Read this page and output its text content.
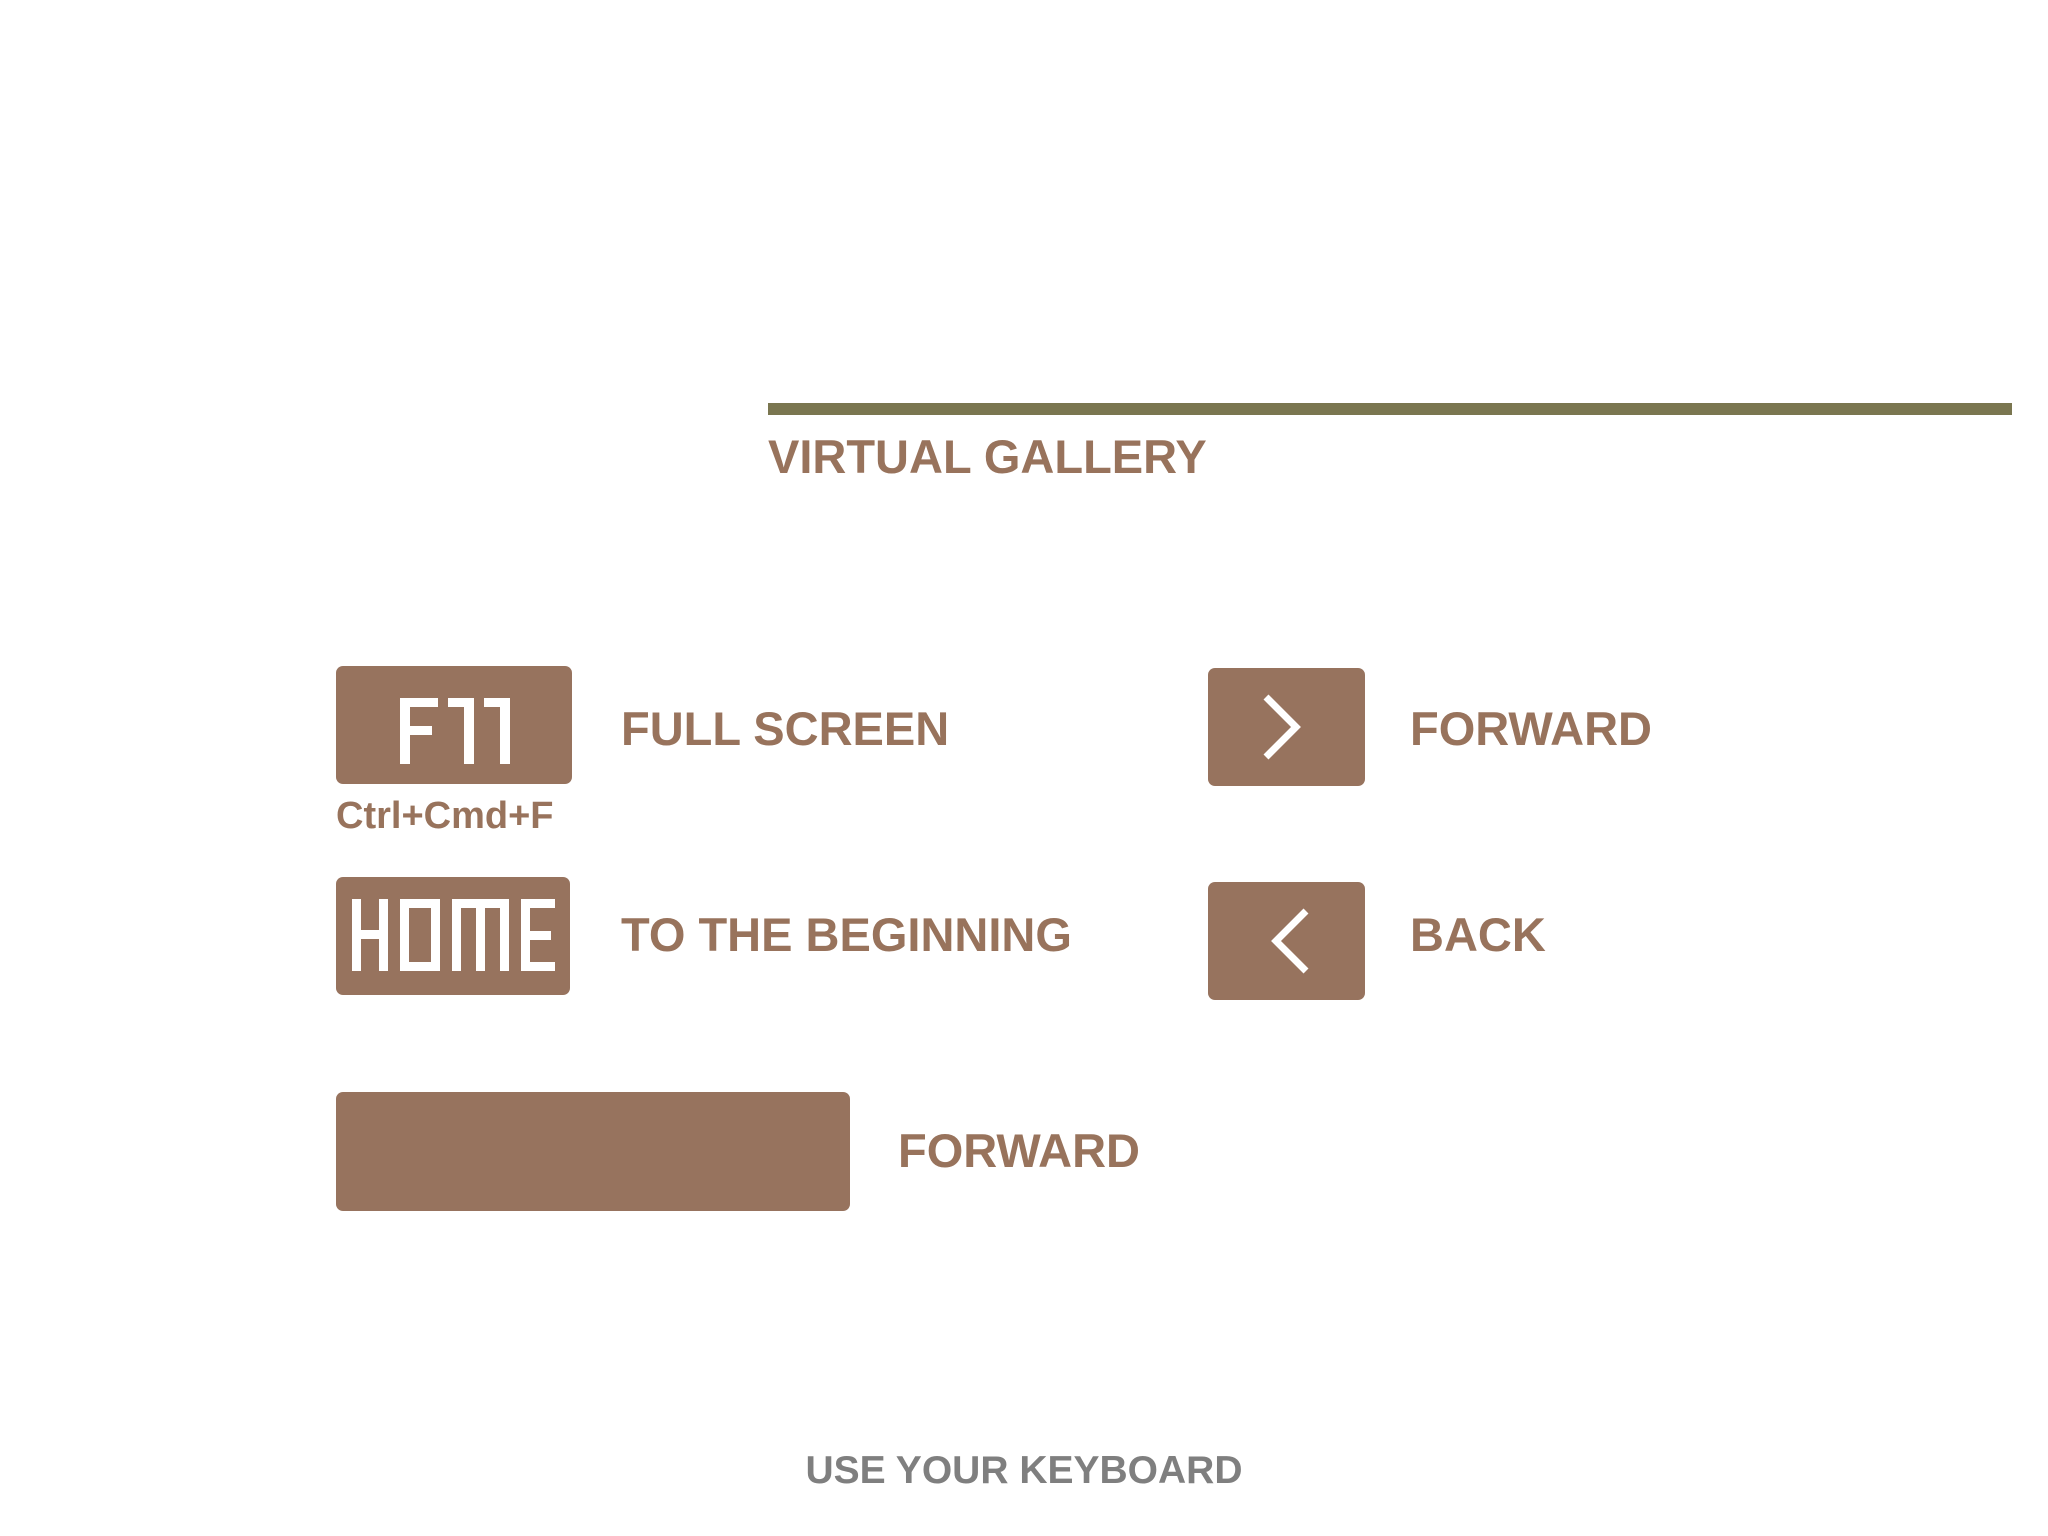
VIRTUAL GALLERY
Ctrl+Cmd+F
FULL SCREEN
TO THE BEGINNING
FORWARD
BACK
FORWARD
USE YOUR KEYBOARD
